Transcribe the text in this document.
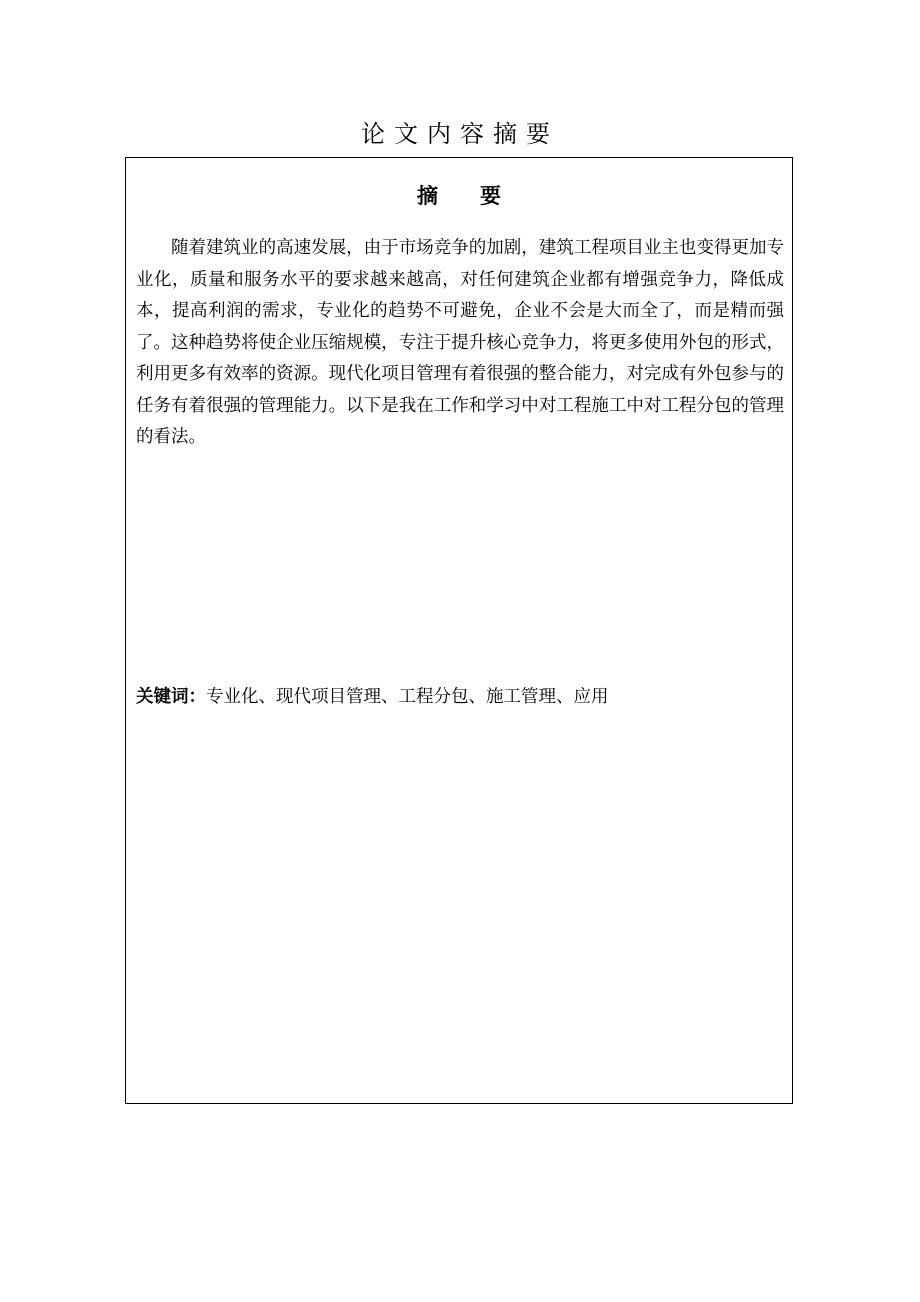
论文内容摘要
摘 要

随着建筑业的高速发展，由于市场竞争的加剧，建筑工程项目业主也变得更加专业化，质量和服务水平的要求越来越高，对任何建筑企业都有增强竞争力，降低成本，提高利润的需求，专业化的趋势不可避免，企业不会是大而全了，而是精而强了。这种趋势将使企业压缩规模，专注于提升核心竞争力，将更多使用外包的形式，利用更多有效率的资源。现代化项目管理有着很强的整合能力，对完成有外包参与的任务有着很强的管理能力。以下是我在工作和学习中对工程施工中对工程分包的管理的看法。

关键词：专业化、现代项目管理、工程分包、施工管理、应用
